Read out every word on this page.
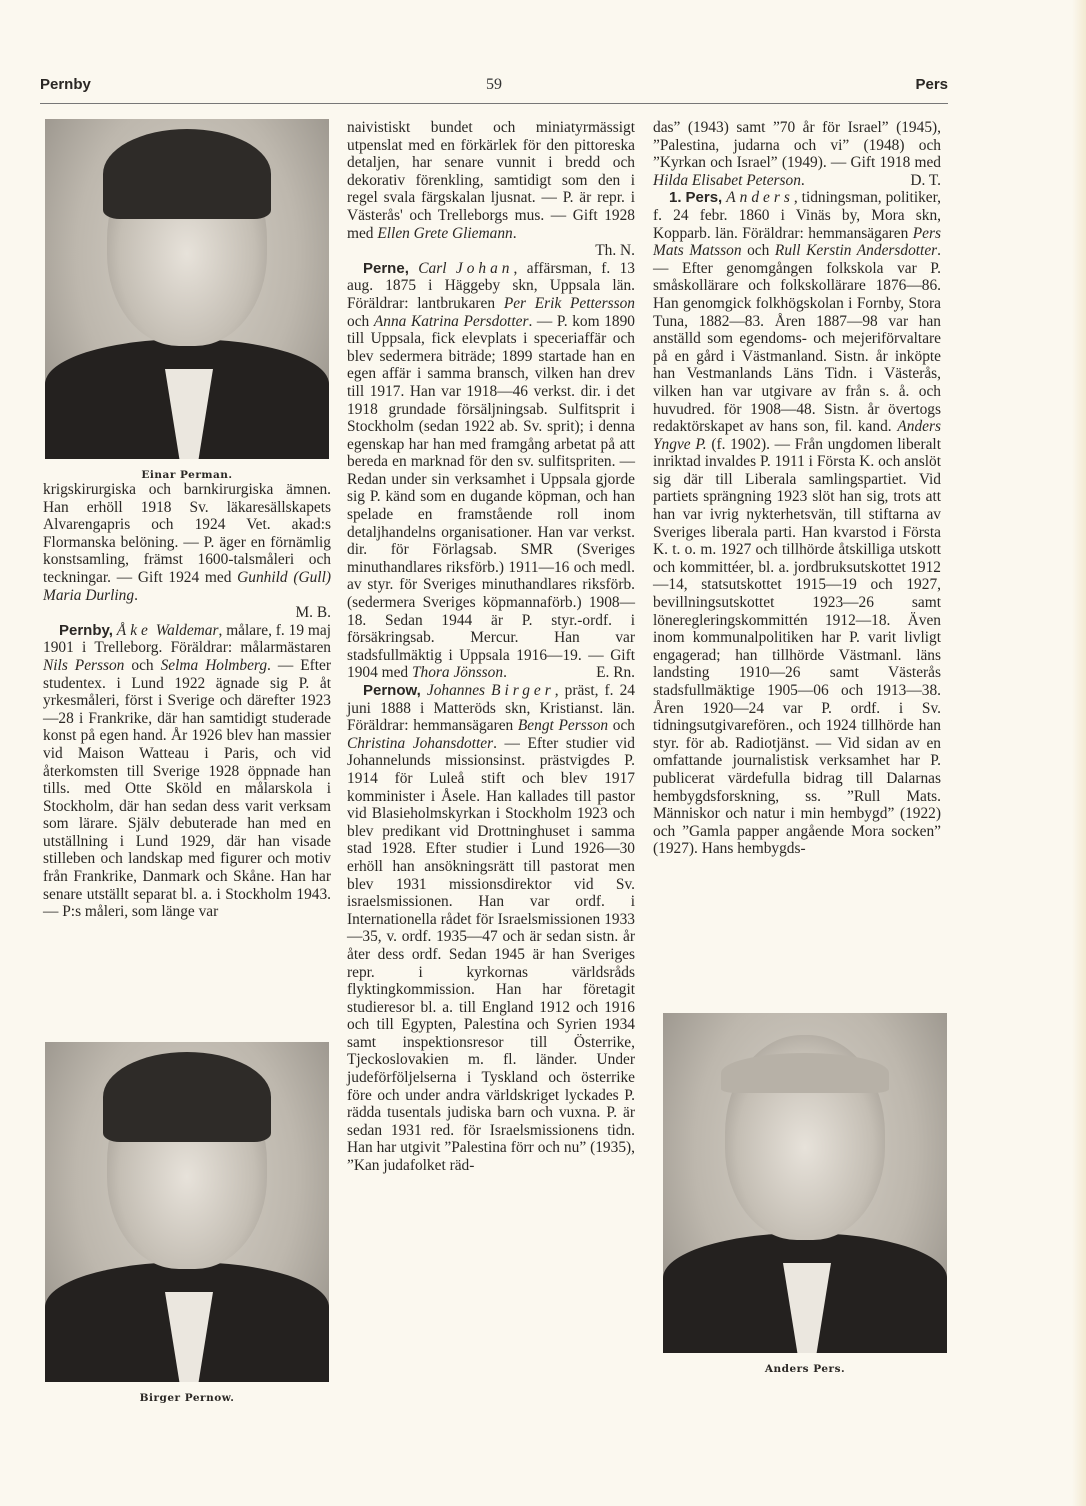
Pernby	59	Pers
Einar Perman.

krigskirurgiska och barnkirurgiska ämnen. Han erhöll 1918 Sv. läkaresällskapets Alvarengapris och 1924 Vet. akad:s Flormanska belöning. — P. äger en förnämlig konstsamling, främst 1600-talsmåleri och teckningar. — Gift 1924 med Gunhild (Gull) Maria Durling.

M. B.

Pernby, Åke Waldemar, målare, f. 19 maj 1901 i Trelleborg. Föräldrar: målarmästaren Nils Persson och Selma Holmberg. — Efter studentex. i Lund 1922 ägnade sig P. åt yrkesmåleri, först i Sverige och därefter 1923—28 i Frankrike, där han samtidigt studerade konst på egen hand. År 1926 blev han massier vid Maison Watteau i Paris, och vid återkomsten till Sverige 1928 öppnade han tills. med Otte Sköld en målarskola i Stockholm, där han sedan dess varit verksam som lärare. Själv debuterade han med en utställning i Lund 1929, där han visade stilleben och landskap med figurer och motiv från Frankrike, Danmark och Skåne. Han har senare utställt separat bl. a. i Stockholm 1943. — P:s måleri, som länge var

Birger Pernow.

naivistiskt bundet och miniatyrmässigt utpenslat med en förkärlek för den pittoreska detaljen, har senare vunnit i bredd och dekorativ förenkling, samtidigt som den i regel svala färgskalan ljusnat. — P. är repr. i Västerås' och Trelleborgs mus. — Gift 1928 med Ellen Grete Gliemann.

Th. N.

Perne, Carl Johan, affärsman, f. 13 aug. 1875 i Häggeby skn, Uppsala län. Föräldrar: lantbrukaren Per Erik Pettersson och Anna Katrina Persdotter. — P. kom 1890 till Uppsala, fick elevplats i speceriaffär och blev sedermera biträde; 1899 startade han en egen affär i samma bransch, vilken han drev till 1917. Han var 1918—46 verkst. dir. i det 1918 grundade försäljningsab. Sulfitsprit i Stockholm (sedan 1922 ab. Sv. sprit); i denna egenskap har han med framgång arbetat på att bereda en marknad för den sv. sulfitspriten. — Redan under sin verksamhet i Uppsala gjorde sig P. känd som en dugande köpman, och han spelade en framstående roll inom detaljhandelns organisationer. Han var verkst. dir. för Förlagsab. SMR (Sveriges minuthandlares riksförb.) 1911—16 och medl. av styr. för Sveriges minuthandlares riksförb. (sedermera Sveriges köpmannaförb.) 1908—18. Sedan 1944 är P. styr.-ordf. i försäkringsab. Mercur. Han var stadsfullmäktig i Uppsala 1916—19. — Gift 1904 med Thora Jönsson.	E. Rn.

Pernow, Johannes Birger, präst, f. 24 juni 1888 i Matteröds skn, Kristianst. län. Föräldrar: hemmansägaren Bengt Persson och Christina Johansdotter. — Efter studier vid Johannelunds missionsinst. prästvigdes P. 1914 för Luleå stift och blev 1917 komminister i Åsele. Han kallades till pastor vid Blasieholmskyrkan i Stockholm 1923 och blev predikant vid Drottninghuset i samma stad 1928. Efter studier i Lund 1926—30 erhöll han ansökningsrätt till pastorat men blev 1931 missionsdirektor vid Sv. israelsmissionen. Han var ordf. i Internationella rådet för Israelsmissionen 1933—35, v. ordf. 1935—47 och är sedan sistn. år åter dess ordf. Sedan 1945 är han Sveriges repr. i kyrkornas världsråds flyktingkommission. Han har företagit studieresor bl. a. till England 1912 och 1916 och till Egypten, Palestina och Syrien 1934 samt inspektionsresor till Österrike, Tjeckoslovakien m. fl. länder. Under judeförföljelserna i Tyskland och österrike före och under andra världskriget lyckades P. rädda tusentals judiska barn och vuxna. P. är sedan 1931 red. för Israelsmissionens tidn. Han har utgivit ”Palestina förr och nu” (1935), ”Kan judafolket räd-

das” (1943) samt ”70 år för Israel” (1945), ”Palestina, judarna och vi” (1948) och ”Kyrkan och Israel” (1949). — Gift 1918 med Hilda Elisabet Peterson.	D. T.

1. Pers, Anders, tidningsman, politiker, f. 24 febr. 1860 i Vinäs by, Mora skn, Kopparb. län. Föräldrar: hemmansägaren Pers Mats Matsson och Rull Kerstin Andersdotter. — Efter genomgången folkskola var P. småskollärare och folkskollärare 1876—86. Han genomgick folkhögskolan i Fornby, Stora Tuna, 1882—83. Åren 1887—98 var han anställd som egendoms- och mejeriförvaltare på en gård i Västmanland. Sistn. år inköpte han Vestmanlands Läns Tidn. i Västerås, vilken han var utgivare av från s. å. och huvudred. för 1908—48. Sistn. år övertogs redaktörskapet av hans son, fil. kand. Anders Yngve P. (f. 1902). — Från ungdomen liberalt inriktad invaldes P. 1911 i Första K. och anslöt sig där till Liberala samlingspartiet. Vid partiets sprängning 1923 slöt han sig, trots att han var ivrig nykterhetsvän, till stiftarna av Sveriges liberala parti. Han kvarstod i Första K. t. o. m. 1927 och tillhörde åtskilliga utskott och kommittéer, bl. a. jordbruksutskottet 1912—14, statsutskottet 1915—19 och 1927, bevillningsutskottet 1923—26 samt löneregleringskommittén 1912—18. Även inom kommunalpolitiken har P. varit livligt engagerad; han tillhörde Västmanl. läns landsting 1910—26 samt Västerås stadsfullmäktige 1905—06 och 1913—38. Åren 1920—24 var P. ordf. i Sv. tidningsutgivarefören., och 1924 tillhörde han styr. för ab. Radiotjänst. — Vid sidan av en omfattande journalistisk verksamhet har P. publicerat värdefulla bidrag till Dalarnas hembygdsforskning, ss. ”Rull Mats. Människor och natur i min hembygd” (1922) och ”Gamla papper angående Mora socken” (1927). Hans hembygds-

Anders Pers.
